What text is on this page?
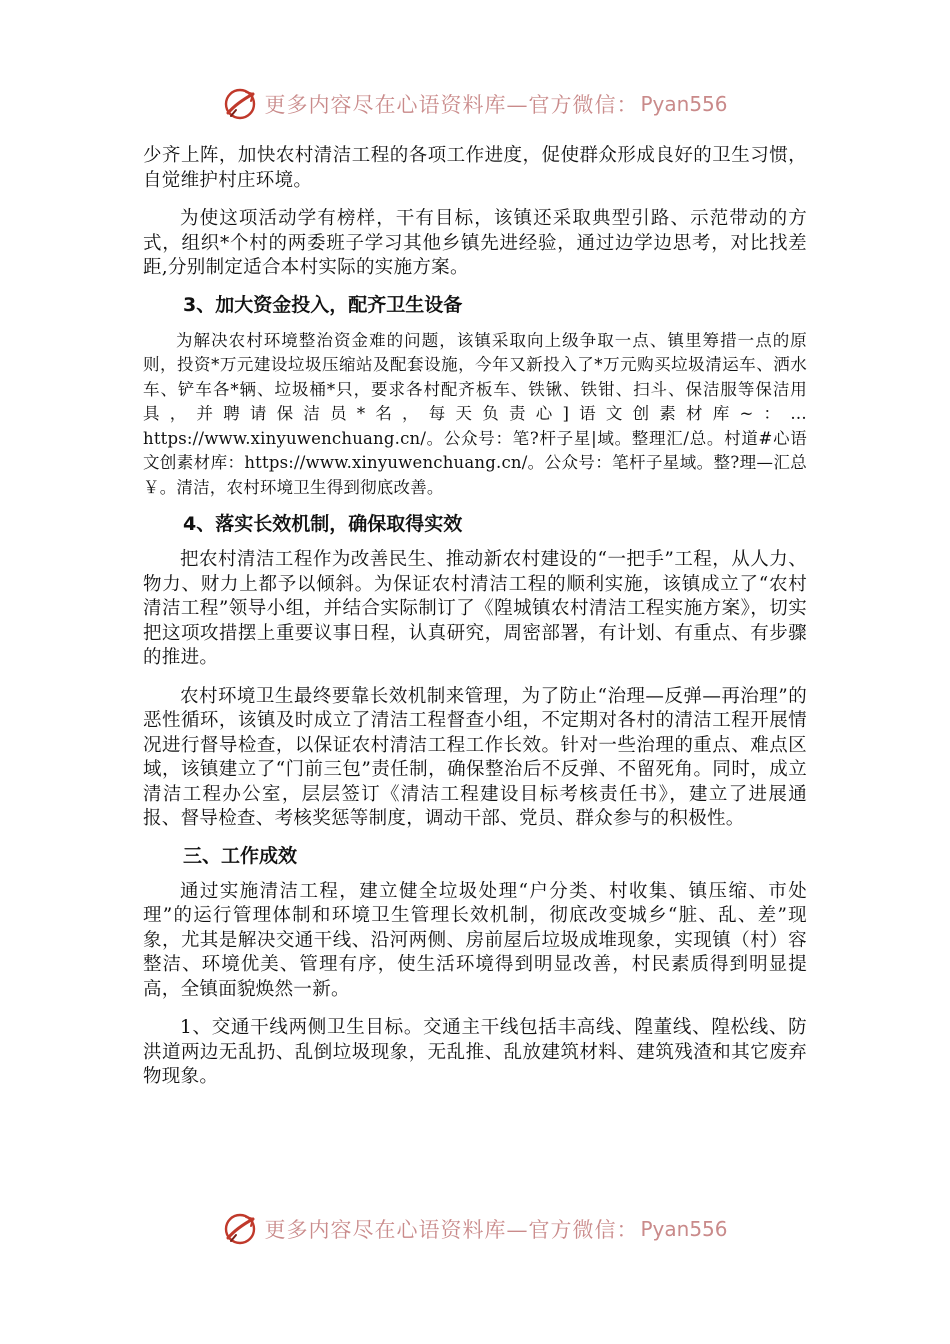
更多内容尽在心语资料库—官方微信： Pyan556

少齐上阵，加快农村清洁工程的各项工作进度，促使群众形成良好的卫生习惯，自觉维护村庄环境。

为使这项活动学有榜样，干有目标，该镇还采取典型引路、示范带动的方式，组织*个村的两委班子学习其他乡镇先进经验，通过边学边思考，对比找差距,分别制定适合本村实际的实施方案。

3、加大资金投入，配齐卫生设备

为解决农村环境整治资金难的问题，该镇采取向上级争取一点、镇里筹措一点的原则，投资*万元建设垃圾压缩站及配套设施，今年又新投入了*万元购买垃圾清运车、洒水车、铲车各*辆、垃圾桶*只，要求各村配齐板车、铁锹、铁钳、扫斗、保洁服等保洁用具，并聘请保洁员*名，每天负责心]语文创素材库~：…https://www.xinyuwenchuang.cn/。公众号：笔?杆子星|域。整理汇/总。村道#心语文创素材库：https://www.xinyuwenchuang.cn/。公众号：笔杆子星域。整?理—汇总￥。清洁，农村环境卫生得到彻底改善。

4、落实长效机制，确保取得实效

把农村清洁工程作为改善民生、推动新农村建设的“一把手”工程，从人力、物力、财力上都予以倾斜。为保证农村清洁工程的顺利实施，该镇成立了“农村清洁工程”领导小组，并结合实际制订了《隍城镇农村清洁工程实施方案》，切实把这项攻措摆上重要议事日程，认真研究，周密部署，有计划、有重点、有步骤的推进。

农村环境卫生最终要靠长效机制来管理，为了防止“治理—反弹—再治理”的恶性循环，该镇及时成立了清洁工程督查小组，不定期对各村的清洁工程开展情况进行督导检查，以保证农村清洁工程工作长效。针对一些治理的重点、难点区域，该镇建立了“门前三包”责任制，确保整治后不反弹、不留死角。同时，成立清洁工程办公室，层层签订《清洁工程建设目标考核责任书》，建立了进展通报、督导检查、考核奖惩等制度，调动干部、党员、群众参与的积极性。

三、工作成效

通过实施清洁工程，建立健全垃圾处理“户分类、村收集、镇压缩、市处理”的运行管理体制和环境卫生管理长效机制，彻底改变城乡“脏、乱、差”现象，尤其是解决交通干线、沿河两侧、房前屋后垃圾成堆现象，实现镇（村）容整洁、环境优美、管理有序，使生活环境得到明显改善，村民素质得到明显提高，全镇面貌焕然一新。

1、交通干线两侧卫生目标。交通主干线包括丰高线、隍董线、隍松线、防洪道两边无乱扔、乱倒垃圾现象，无乱推、乱放建筑材料、建筑残渣和其它废弃物现象。

更多内容尽在心语资料库—官方微信： Pyan556
